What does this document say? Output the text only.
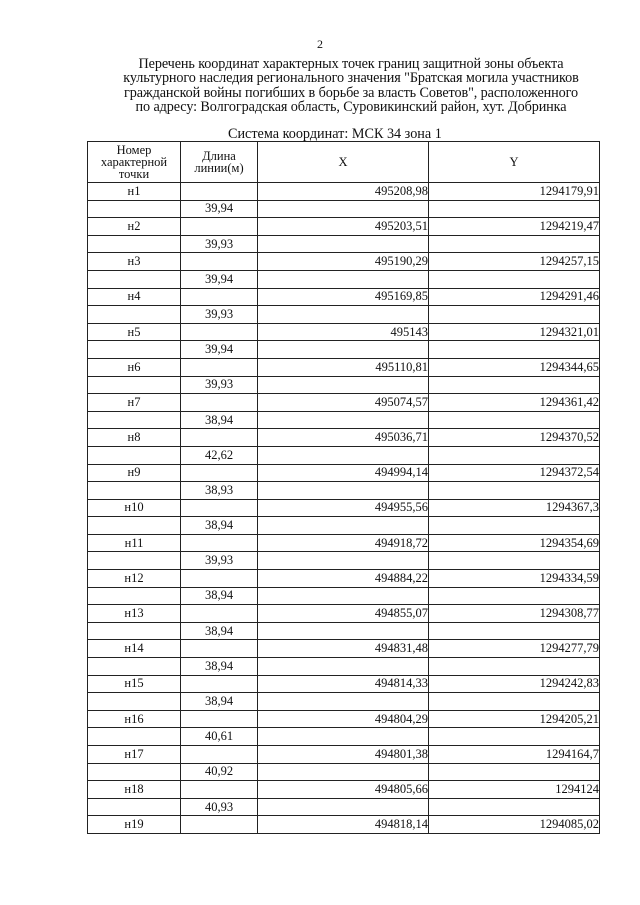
2
Перечень координат характерных точек границ защитной зоны объекта
культурного наследия регионального значения "Братская могила участников
гражданской войны погибших в борьбе за власть Советов", расположенного
по адресу: Волгоградская область, Суровикинский район, хут. Добринка
Система координат: МСК 34 зона 1
Номер характерной точки	Длина линии(м)	X	Y
н1		495208,98	1294179,91
	39,94		
н2		495203,51	1294219,47
	39,93		
н3		495190,29	1294257,15
	39,94		
н4		495169,85	1294291,46
	39,93		
н5		495143	1294321,01
	39,94		
н6		495110,81	1294344,65
	39,93		
н7		495074,57	1294361,42
	38,94		
н8		495036,71	1294370,52
	42,62		
н9		494994,14	1294372,54
	38,93		
н10		494955,56	1294367,3
	38,94		
н11		494918,72	1294354,69
	39,93		
н12		494884,22	1294334,59
	38,94		
н13		494855,07	1294308,77
	38,94		
н14		494831,48	1294277,79
	38,94		
н15		494814,33	1294242,83
	38,94		
н16		494804,29	1294205,21
	40,61		
н17		494801,38	1294164,7
	40,92		
н18		494805,66	1294124
	40,93		
н19		494818,14	1294085,02
